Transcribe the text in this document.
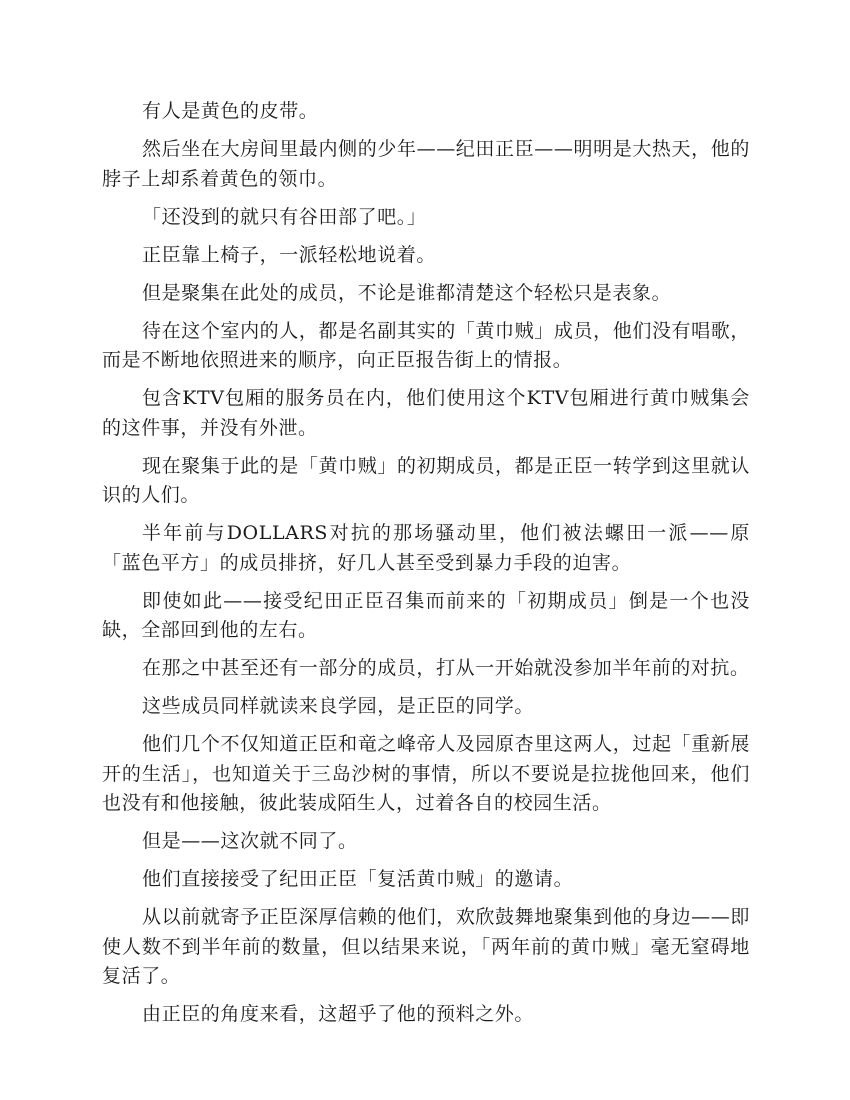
有人是黄色的皮带。

然后坐在大房间里最内侧的少年——纪田正臣——明明是大热天，他的脖子上却系着黄色的领巾。

「还没到的就只有谷田部了吧。」

正臣靠上椅子，一派轻松地说着。

但是聚集在此处的成员，不论是谁都清楚这个轻松只是表象。

待在这个室内的人，都是名副其实的「黄巾贼」成员，他们没有唱歌，而是不断地依照进来的顺序，向正臣报告街上的情报。

包含KTV包厢的服务员在内，他们使用这个KTV包厢进行黄巾贼集会的这件事，并没有外泄。

现在聚集于此的是「黄巾贼」的初期成员，都是正臣一转学到这里就认识的人们。

半年前与DOLLARS对抗的那场骚动里，他们被法螺田一派——原「蓝色平方」的成员排挤，好几人甚至受到暴力手段的迫害。

即使如此——接受纪田正臣召集而前来的「初期成员」倒是一个也没缺，全部回到他的左右。

在那之中甚至还有一部分的成员，打从一开始就没参加半年前的对抗。

这些成员同样就读来良学园，是正臣的同学。

他们几个不仅知道正臣和竜之峰帝人及园原杏里这两人，过起「重新展开的生活」，也知道关于三岛沙树的事情，所以不要说是拉拢他回来，他们也没有和他接触，彼此装成陌生人，过着各自的校园生活。

但是——这次就不同了。

他们直接接受了纪田正臣「复活黄巾贼」的邀请。

从以前就寄予正臣深厚信赖的他们，欢欣鼓舞地聚集到他的身边——即使人数不到半年前的数量，但以结果来说，「两年前的黄巾贼」毫无窒碍地复活了。

由正臣的角度来看，这超乎了他的预料之外。
